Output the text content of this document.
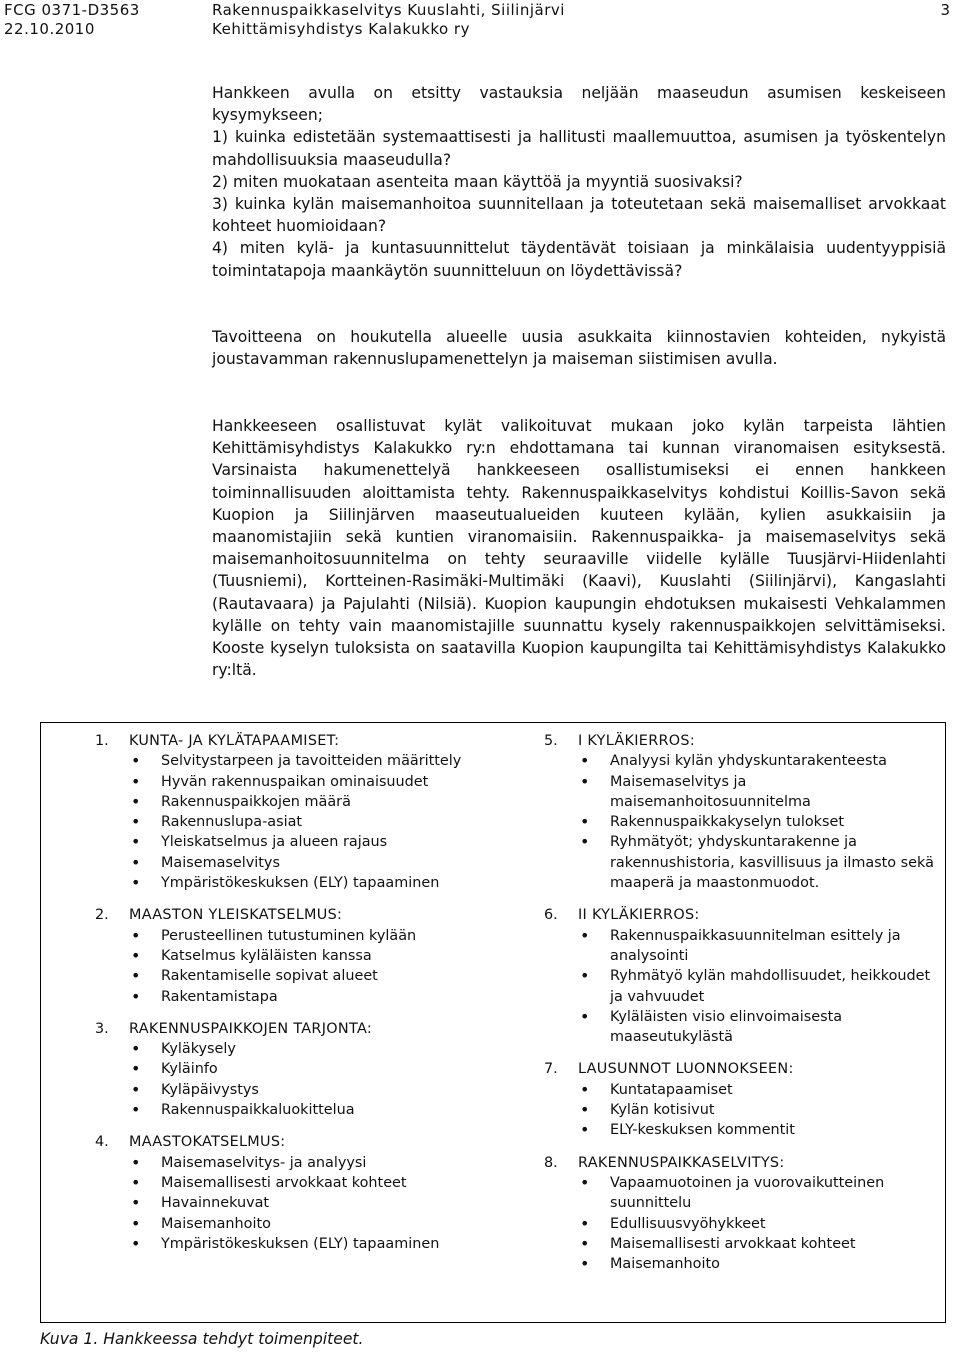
FCG 0371-D3563	Rakennuspaikkaselvitys Kuuslahti, Siilinjärvi
22.10.2010	Kehittämisyhdistys Kalakukko ry
3

Hankkeen avulla on etsitty vastauksia neljään maaseudun asumisen keskeiseen kysymykseen;

1) kuinka edistetään systemaattisesti ja hallitusti maallemuuttoa, asumisen ja työskentelyn mahdollisuuksia maaseudulla?

2) miten muokataan asenteita maan käyttöä ja myyntiä suosivaksi?

3) kuinka kylän maisemanhoitoa suunnitellaan ja toteutetaan sekä maisemalliset arvokkaat kohteet huomioidaan?

4) miten kylä- ja kuntasuunnittelut täydentävät toisiaan ja minkälaisia uudentyyppisiä toimintatapoja maankäytön suunnitteluun on löydettävissä?

Tavoitteena on houkutella alueelle uusia asukkaita kiinnostavien kohteiden, nykyistä joustavamman rakennuslupamenettelyn ja maiseman siistimisen avulla.
Hankkeeseen osallistuvat kylät valikoituvat mukaan joko kylän tarpeista lähtien Kehittämisyhdistys Kalakukko ry:n ehdottamana tai kunnan viranomaisen esityksestä. Varsinaista hakumenettelyä hankkeeseen osallistumiseksi ei ennen hankkeen toiminnallisuuden aloittamista tehty. Rakennuspaikkaselvitys kohdistui Koillis-Savon sekä Kuopion ja Siilinjärven maaseutualueiden kuuteen kylään, kylien asukkaisiin ja maanomistajiin sekä kuntien viranomaisiin. Rakennuspaikka- ja maisemaselvitys sekä maisemanhoitosuunnitelma on tehty seuraaville viidelle kylälle Tuusjärvi-Hiidenlahti (Tuusniemi), Kortteinen-Rasimäki-Multimäki (Kaavi), Kuuslahti (Siilinjärvi), Kangaslahti (Rautavaara) ja Pajulahti (Nilsiä). Kuopion kaupungin ehdotuksen mukaisesti Vehkalammen kylälle on tehty vain maanomistajille suunnattu kysely rakennuspaikkojen selvittämiseksi. Kooste kyselyn tuloksista on saatavilla Kuopion kaupungilta tai Kehittämisyhdistys Kalakukko ry:ltä.
1.	KUNTA- JA KYLÄTAPAAMISET:
• Selvitystarpeen ja tavoitteiden määrittely
• Hyvän rakennuspaikan ominaisuudet
• Rakennuspaikkojen määrä
• Rakennuslupa-asiat
• Yleiskatselmus ja alueen rajaus
• Maisemaselvitys
• Ympäristökeskuksen (ELY) tapaaminen
2.	MAASTON YLEISKATSELMUS:
• Perusteellinen tutustuminen kylään
• Katselmus kyläläisten kanssa
• Rakentamiselle sopivat alueet
• Rakentamistapa
3.	RAKENNUSPAIKKOJEN TARJONTA:
• Kyläkysely
• Kyläinfo
• Kyläpäivystys
• Rakennuspaikkaluokittelua
4.	MAASTOKATSELMUS:
• Maisemaselvitys- ja analyysi
• Maisemallisesti arvokkaat kohteet
• Havainnekuvat
• Maisemanhoito
• Ympäristökeskuksen (ELY) tapaaminen
5.	I KYLÄKIERROS:
• Analyysi kylän yhdyskuntarakenteesta
• Maisemaselvitys ja maisemanhoitosuunnitelma
• Rakennuspaikkakyselyn tulokset
• Ryhmätyöt; yhdyskuntarakenne ja rakennushistoria, kasvillisuus ja ilmasto sekä maaperä ja maastonmuodot.
6.	II KYLÄKIERROS:
• Rakennuspaikkasuunnitelman esittely ja analysointi
• Ryhmätyö kylän mahdollisuudet, heikkoudet ja vahvuudet
• Kyläläisten visio elinvoimaisesta maaseutukylästä
7.	LAUSUNNOT LUONNOKSEEN:
• Kuntatapaamiset
• Kylän kotisivut
• ELY-keskuksen kommentit
8.	RAKENNUSPAIKKASELVITYS:
• Vapaamuotoinen ja vuorovaikutteinen suunnittelu
• Edullisuusvyöhykkeet
• Maisemallisesti arvokkaat kohteet
• Maisemanhoito
Kuva 1. Hankkeessa tehdyt toimenpiteet.
